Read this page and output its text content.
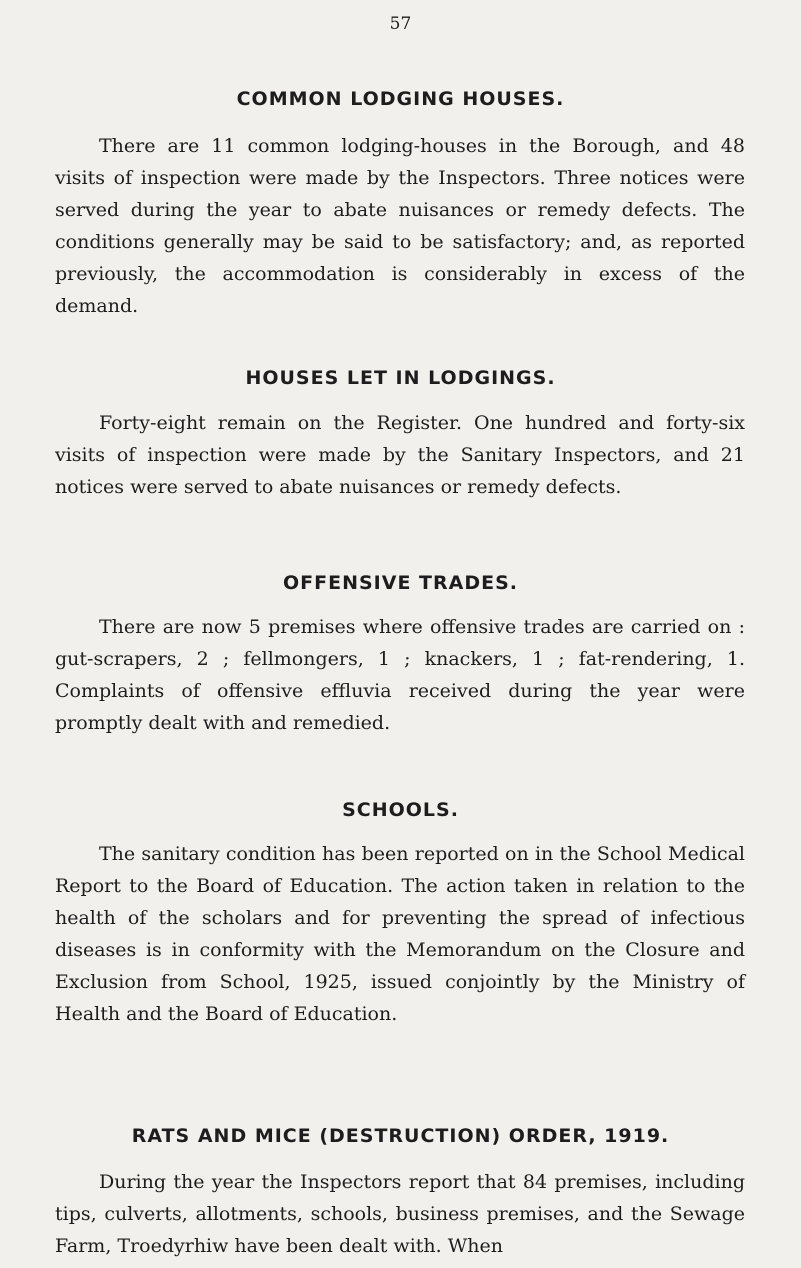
57
COMMON LODGING HOUSES.

There are 11 common lodging-houses in the Borough, and 48 visits of inspection were made by the Inspectors. Three notices were served during the year to abate nuisances or remedy defects. The conditions generally may be said to be satisfactory; and, as reported previously, the accommodation is considerably in excess of the demand.

HOUSES LET IN LODGINGS.

Forty-eight remain on the Register. One hundred and forty-six visits of inspection were made by the Sanitary Inspectors, and 21 notices were served to abate nuisances or remedy defects.

OFFENSIVE TRADES.

There are now 5 premises where offensive trades are carried on : gut-scrapers, 2 ; fellmongers, 1 ; knackers, 1 ; fat-rendering, 1. Complaints of offensive effluvia received during the year were promptly dealt with and remedied.

SCHOOLS.

The sanitary condition has been reported on in the School Medical Report to the Board of Education. The action taken in relation to the health of the scholars and for preventing the spread of infectious diseases is in conformity with the Memorandum on the Closure and Exclusion from School, 1925, issued conjointly by the Ministry of Health and the Board of Education.

RATS AND MICE (DESTRUCTION) ORDER, 1919.

During the year the Inspectors report that 84 premises, including tips, culverts, allotments, schools, business premises, and the Sewage Farm, Troedyrhiw have been dealt with. When
